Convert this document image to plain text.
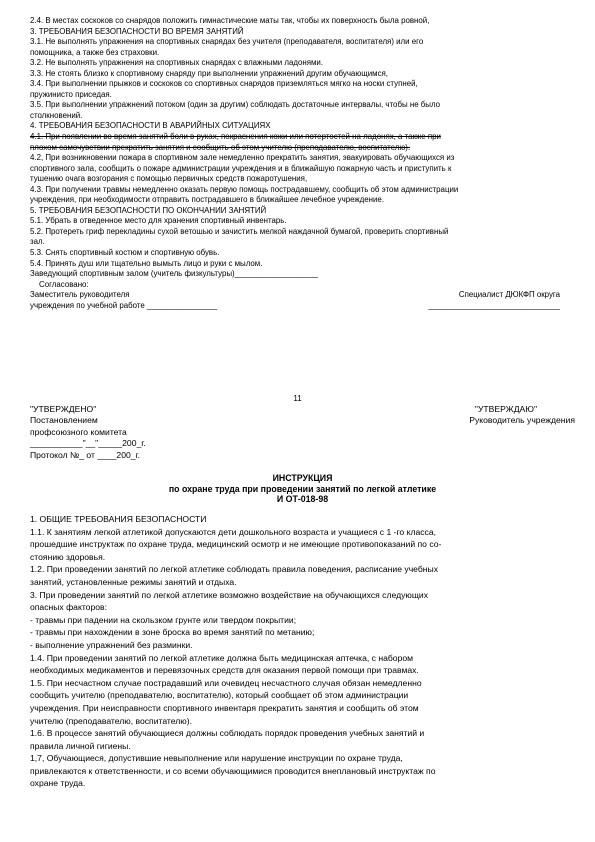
2.4. В местах соскоков со снарядов положить гимнастические маты так, чтобы их поверхность была ровной,

3. ТРЕБОВАНИЯ БЕЗОПАСНОСТИ ВО ВРЕМЯ ЗАНЯТИЙ

3.1. Не выполнять упражнения на спортивных снарядах без учителя (преподавателя, воспитателя) или его

помощника, а также без страховки.

3.2. Не выполнять упражнения на спортивных снарядах с влажными ладонями.

3.3. Не стоять близко к спортивному снаряду при выполнении упражнений другим обучающимся,

3.4. При выполнении прыжков и соскоков со спортивных снарядов приземляться мягко на носки ступней,

пружинисто приседая.

3.5. При выполнении упражнений потоком (один за другим) соблюдать достаточные интервалы, чтобы не было

столкновений.

4. ТРЕБОВАНИЯ БЕЗОПАСНОСТИ В АВАРИЙНЫХ СИТУАЦИЯХ

4.1. При появлении во время занятий боли в руках, покраснения кожи или потертостей на ладонях, а также при

плохом самочувствии прекратить занятия и сообщить об этом учителю (преподавателю, воспитателю).

4.2, При возникновении пожара в спортивном зале немедленно прекратить занятия, эвакуировать обучающихся из

спортивного зала, сообщить о пожаре администрации учреждения и в ближайшую пожарную часть и приступить к

тушению очага возгорания с помощью первичных средств пожаротушения,

4.3. При получении травмы немедленно оказать первую помощь пострадавшему, сообщить об этом администрации

учреждения, при необходимости отправить пострадавшего в ближайшее лечебное учреждение.

5. ТРЕБОВАНИЯ БЕЗОПАСНОСТИ ПО ОКОНЧАНИИ ЗАНЯТИЙ

5.1. Убрать в отведенное место для хранения спортивный инвентарь.

5.2. Протереть гриф перекладины сухой ветошью и зачистить мелкой наждачной бумагой, проверить спортивный

зал.

5.3. Снять спортивный костюм и спортивную обувь.

5.4. Принять душ или тщательно вымыть лицо и руки с мылом.

Заведующий спортивным залом (учитель физкультуры)___________________

Согласовано:

Заместитель руководителя	Специалист ДЮКФП округа
учреждения по учебной работе ________________	______________________________
11
"УТВЕРЖДЕНО"	"УТВЕРЖДАЮ"
Постановлением	Руководитель учреждения

профсоюзного комитета

___________"__"_____200_г.

Протокол №_ от ____200_г.

ИНСТРУКЦИЯ

по охране труда при проведении занятий по легкой атлетике

И ОТ-018-98

1. ОБЩИЕ ТРЕБОВАНИЯ БЕЗОПАСНОСТИ

1.1. К занятиям легкой атлетикой допускаются дети дошкольного возраста и учащиеся с 1 -го класса,

прошедшие инструктаж по охране труда, медицинский осмотр и не имеющие противопоказаний по со-

стоянию здоровья.

1.2. При проведении занятий по легкой атлетике соблюдать правила поведения, расписание учебных

занятий, установленные режимы занятий и отдыха.

3. При проведении занятий по легкой атлетике возможно воздействие на обучающихся следующих

опасных факторов:

- травмы при падении на скользком грунте или твердом покрытии;

- травмы при нахождении в зоне броска во время занятий по метанию;

- выполнение упражнений без разминки.

1.4. При проведении занятий по легкой атлетике должна быть медицинская аптечка, с набором

необходимых медикаментов и перевязочных средств для оказания первой помощи при травмах.

1.5. При несчастном случае пострадавший или очевидец несчастного случая обязан немедленно

сообщить учителю (преподавателю, воспитателю), который сообщает об этом администрации

учреждения. При неисправности спортивного инвентаря прекратить занятия и сообщить об этом

учителю (преподавателю, воспитателю).

1.6. В процессе занятий обучающиеся должны соблюдать порядок проведения учебных занятий и

правила личной гигиены.

1,7, Обучающиеся, допустившие невыполнение или нарушение инструкции по охране труда,

привлекаются к ответственности, и со всеми обучающимися проводится внеплановый инструктаж по

охране труда.
